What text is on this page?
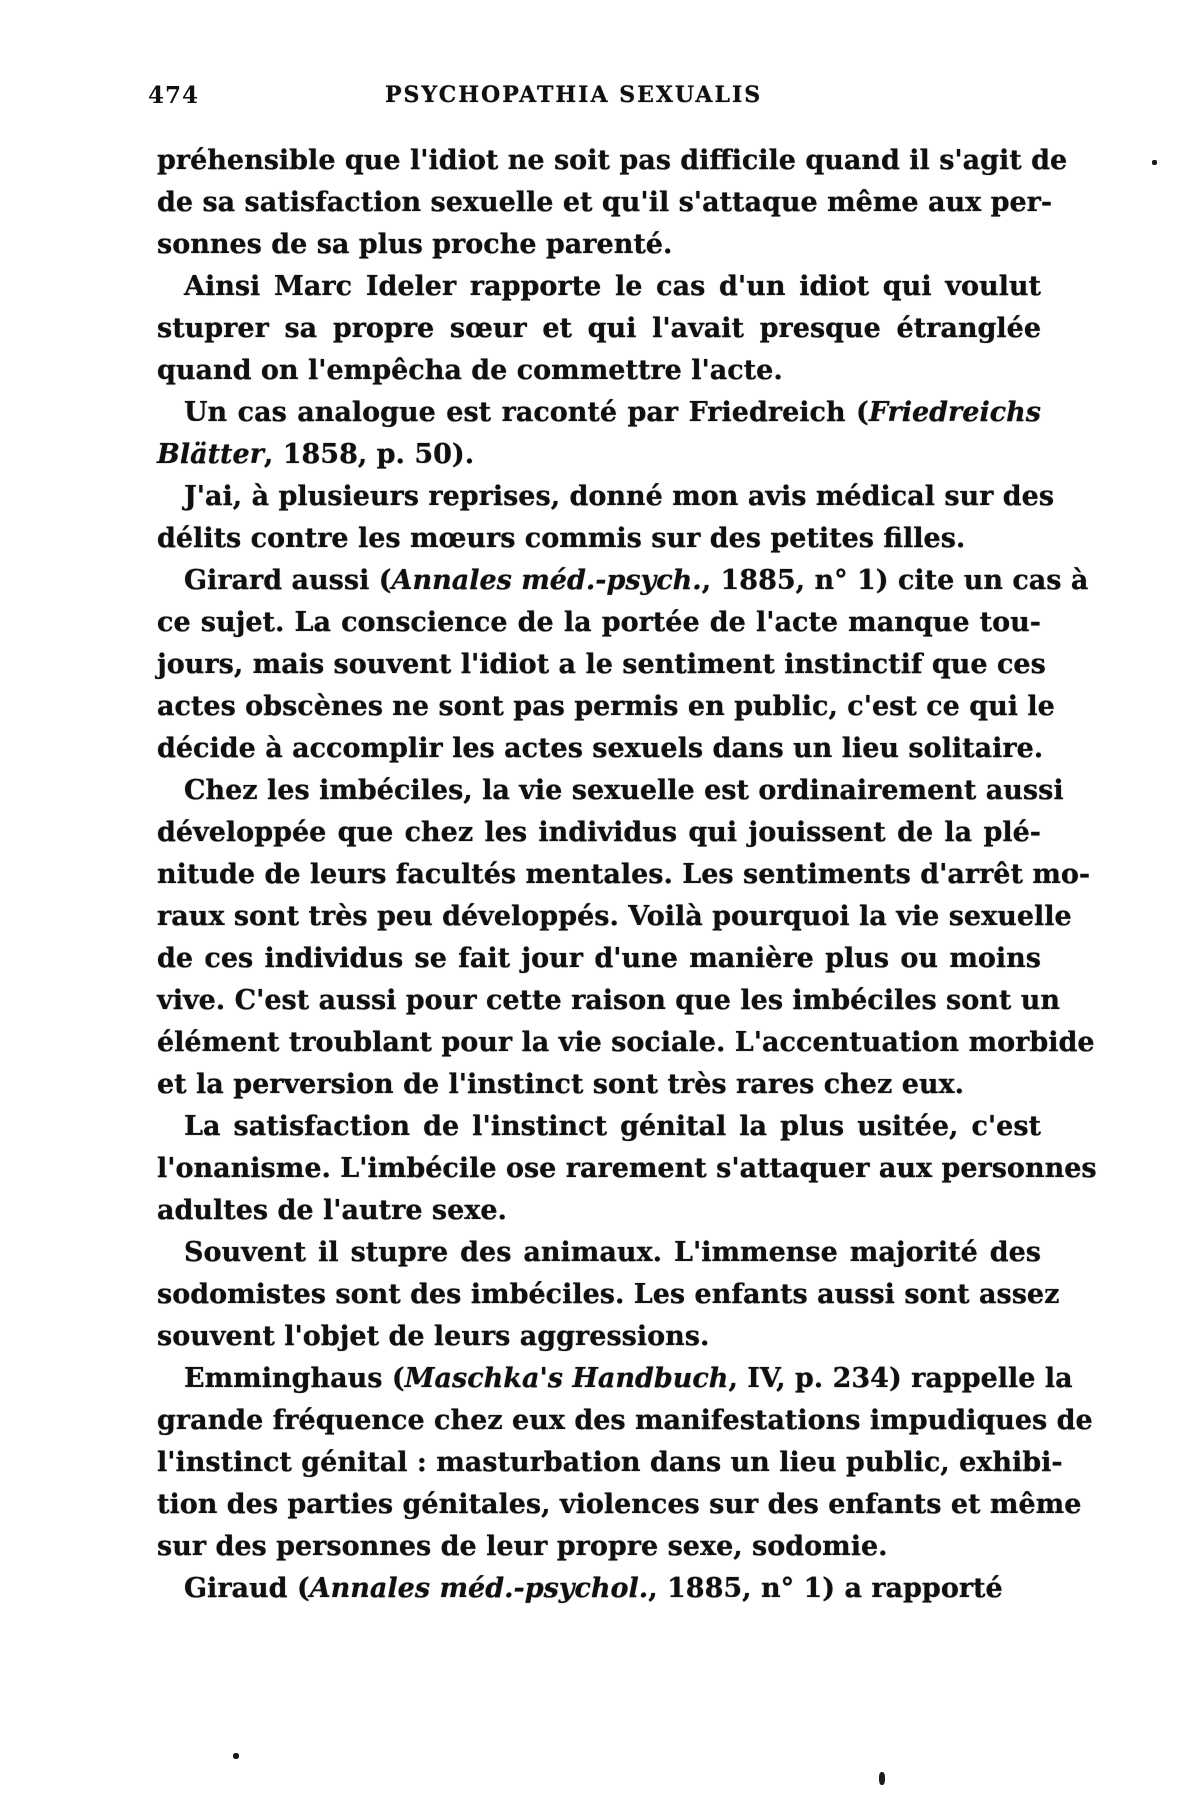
474	PSYCHOPATHIA SEXUALIS
préhensible que l'idiot ne soit pas difficile quand il s'agit de
de sa satisfaction sexuelle et qu'il s'attaque même aux per-
sonnes de sa plus proche parenté.
Ainsi Marc Ideler rapporte le cas d'un idiot qui voulut
stuprer sa propre sœur et qui l'avait presque étranglée
quand on l'empêcha de commettre l'acte.
Un cas analogue est raconté par Friedreich (Friedreichs
Blätter, 1858, p. 50).
J'ai, à plusieurs reprises, donné mon avis médical sur des
délits contre les mœurs commis sur des petites filles.
Girard aussi (Annales méd.-psych., 1885, n° 1) cite un cas à
ce sujet. La conscience de la portée de l'acte manque tou-
jours, mais souvent l'idiot a le sentiment instinctif que ces
actes obscènes ne sont pas permis en public, c'est ce qui le
décide à accomplir les actes sexuels dans un lieu solitaire.
Chez les imbéciles, la vie sexuelle est ordinairement aussi
développée que chez les individus qui jouissent de la plé-
nitude de leurs facultés mentales. Les sentiments d'arrêt mo-
raux sont très peu développés. Voilà pourquoi la vie sexuelle
de ces individus se fait jour d'une manière plus ou moins
vive. C'est aussi pour cette raison que les imbéciles sont un
élément troublant pour la vie sociale. L'accentuation morbide
et la perversion de l'instinct sont très rares chez eux.
La satisfaction de l'instinct génital la plus usitée, c'est
l'onanisme. L'imbécile ose rarement s'attaquer aux personnes
adultes de l'autre sexe.
Souvent il stupre des animaux. L'immense majorité des
sodomistes sont des imbéciles. Les enfants aussi sont assez
souvent l'objet de leurs aggressions.
Emminghaus (Maschka's Handbuch, IV, p. 234) rappelle la
grande fréquence chez eux des manifestations impudiques de
l'instinct génital : masturbation dans un lieu public, exhibi-
tion des parties génitales, violences sur des enfants et même
sur des personnes de leur propre sexe, sodomie.
Giraud (Annales méd.-psychol., 1885, n° 1) a rapporté
